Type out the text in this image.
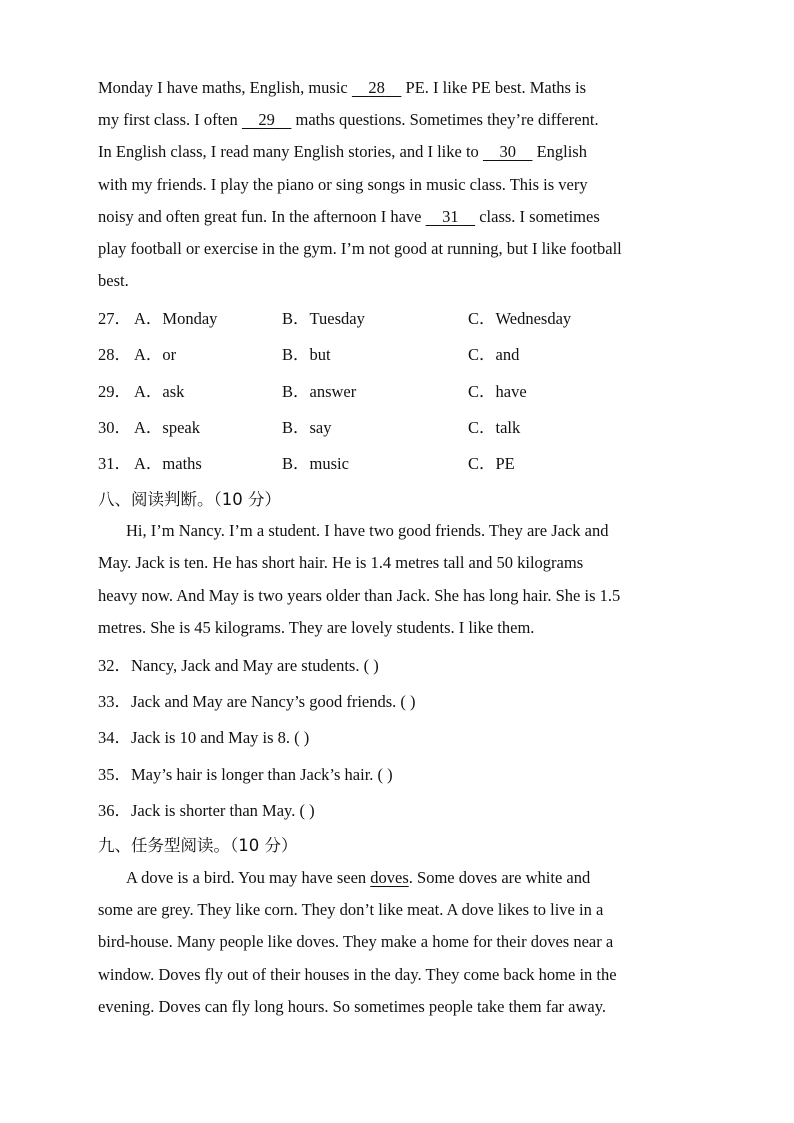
Monday I have maths, English, music     28     PE. I like PE best. Maths is
my first class. I often     29     maths questions. Sometimes they’re different.
In English class, I read many English stories, and I like to     30     English
with my friends. I play the piano or sing songs in music class. This is very
noisy and often great fun. In the afternoon I have     31     class. I sometimes
play football or exercise in the gym. I’m not good at running, but I like football
best.
27． A．Monday	B．Tuesday	C．Wednesday
28． A．or	B．but	C．and
29． A．ask	B．answer	C．have
30． A．speak	B．say	C．talk
31． A．maths	B．music	C．PE
八、阅读判断。（10 分）
Hi, I’m Nancy. I’m a student. I have two good friends. They are Jack and
May. Jack is ten. He has short hair. He is 1.4 metres tall and 50 kilograms
heavy now. And May is two years older than Jack. She has long hair. She is 1.5
metres. She is 45 kilograms. They are lovely students. I like them.
32．Nancy, Jack and May are students. ( )
33．Jack and May are Nancy’s good friends. ( )
34．Jack is 10 and May is 8. ( )
35．May’s hair is longer than Jack’s hair. ( )
36．Jack is shorter than May. ( )
九、任务型阅读。（10 分）
A dove is a bird. You may have seen doves. Some doves are white and
some are grey. They like corn. They don’t like meat. A dove likes to live in a
bird-house. Many people like doves. They make a home for their doves near a
window. Doves fly out of their houses in the day. They come back home in the
evening. Doves can fly long hours. So sometimes people take them far away.
